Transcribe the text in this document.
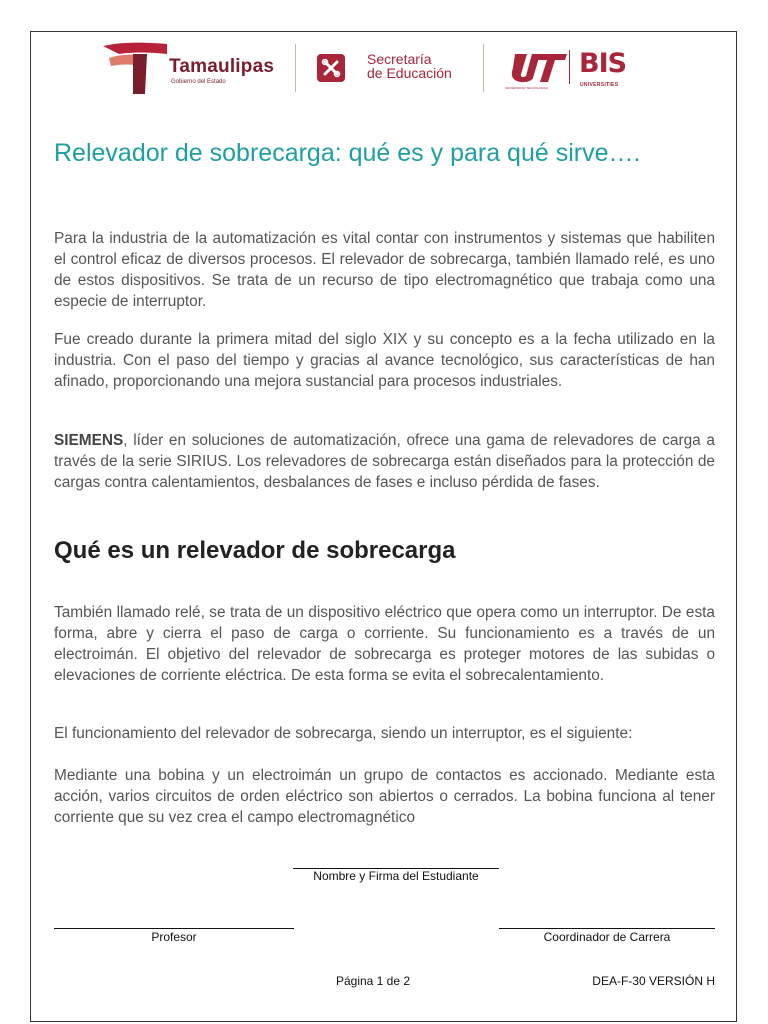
Tamaulipas
Gobierno del Estado
Secretaría
de Educación
UNIVERSIDAD TECNOLÓGICA
BIS
UNIVERSITIES
Relevador de sobrecarga: qué es y para qué sirve….

Para la industria de la automatización es vital contar con instrumentos y sistemas que habiliten el control eficaz de diversos procesos. El relevador de sobrecarga, también llamado relé, es uno de estos dispositivos. Se trata de un recurso de tipo electromagnético que trabaja como una especie de interruptor.

Fue creado durante la primera mitad del siglo XIX y su concepto es a la fecha utilizado en la industria. Con el paso del tiempo y gracias al avance tecnológico, sus características de han afinado, proporcionando una mejora sustancial para procesos industriales.

SIEMENS, líder en soluciones de automatización, ofrece una gama de relevadores de carga a través de la serie SIRIUS. Los relevadores de sobrecarga están diseñados para la protección de cargas contra calentamientos, desbalances de fases e incluso pérdida de fases.

Qué es un relevador de sobrecarga

También llamado relé, se trata de un dispositivo eléctrico que opera como un interruptor. De esta forma, abre y cierra el paso de carga o corriente. Su funcionamiento es a través de un electroimán. El objetivo del relevador de sobrecarga es proteger motores de las subidas o elevaciones de corriente eléctrica. De esta forma se evita el sobrecalentamiento.

El funcionamiento del relevador de sobrecarga, siendo un interruptor, es el siguiente:

Mediante una bobina y un electroimán un grupo de contactos es accionado. Mediante esta acción, varios circuitos de orden eléctrico son abiertos o cerrados. La bobina funciona al tener corriente que su vez crea el campo electromagnético

Nombre y Firma del Estudiante
Profesor	Coordinador de Carrera
Página 1 de 2	DEA-F-30 VERSIÓN H
